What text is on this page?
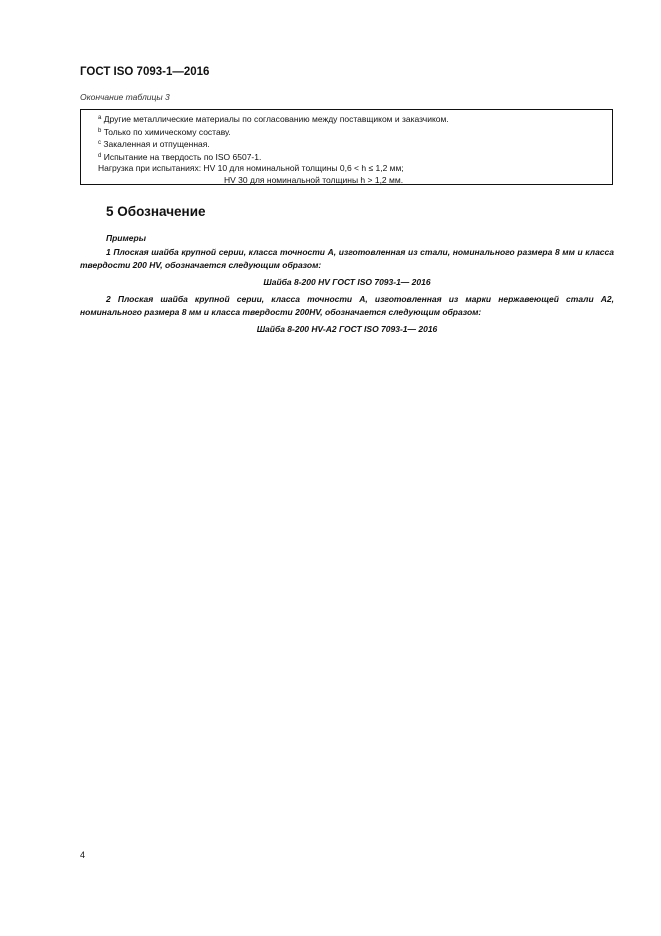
ГОСТ ISO 7093-1—2016
Окончание таблицы 3
$^a$ Другие металлические материалы по согласованию между поставщиком и заказчиком.
$^b$ Только по химическому составу.
$^c$ Закаленная и отпущенная.
$^d$ Испытание на твердость по ISO 6507-1.
Нагрузка при испытаниях: HV 10 для номинальной толщины 0,6 < h ≤ 1,2 мм;
HV 30 для номинальной толщины h > 1,2 мм.
5 Обозначение
Примеры
1 Плоская шайба крупной серии, класса точности А, изготовленная из стали, номинального размера 8 мм и класса твердости 200 HV, обозначается следующим образом:
Шайба 8-200 HV ГОСТ ISO 7093-1— 2016
2 Плоская шайба крупной серии, класса точности А, изготовленная из марки нержавеющей стали А2, номинального размера 8 мм и класса твердости 200HV, обозначается следующим образом:
Шайба 8-200 HV-A2 ГОСТ ISO 7093-1— 2016
4
